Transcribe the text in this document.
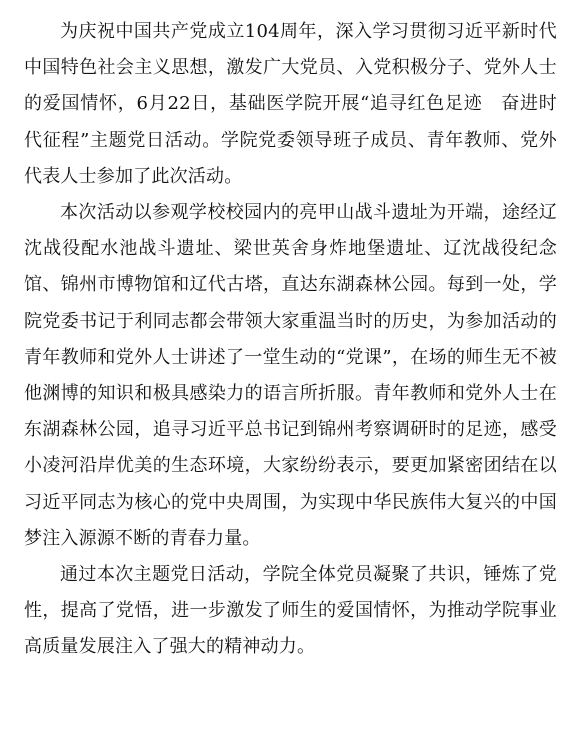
为庆祝中国共产党成立104周年，深入学习贯彻习近平新时代中国特色社会主义思想，激发广大党员、入党积极分子、党外人士的爱国情怀，6月22日，基础医学院开展“追寻红色足迹　奋进时代征程”主题党日活动。学院党委领导班子成员、青年教师、党外代表人士参加了此次活动。

本次活动以参观学校校园内的亮甲山战斗遗址为开端，途经辽沈战役配水池战斗遗址、梁世英舍身炸地堡遗址、辽沈战役纪念馆、锦州市博物馆和辽代古塔，直达东湖森林公园。每到一处，学院党委书记于利同志都会带领大家重温当时的历史，为参加活动的青年教师和党外人士讲述了一堂生动的“党课”，在场的师生无不被他渊博的知识和极具感染力的语言所折服。青年教师和党外人士在东湖森林公园，追寻习近平总书记到锦州考察调研时的足迹，感受小凌河沿岸优美的生态环境，大家纷纷表示，要更加紧密团结在以习近平同志为核心的党中央周围，为实现中华民族伟大复兴的中国梦注入源源不断的青春力量。

通过本次主题党日活动，学院全体党员凝聚了共识，锤炼了党性，提高了党悟，进一步激发了师生的爱国情怀，为推动学院事业高质量发展注入了强大的精神动力。
